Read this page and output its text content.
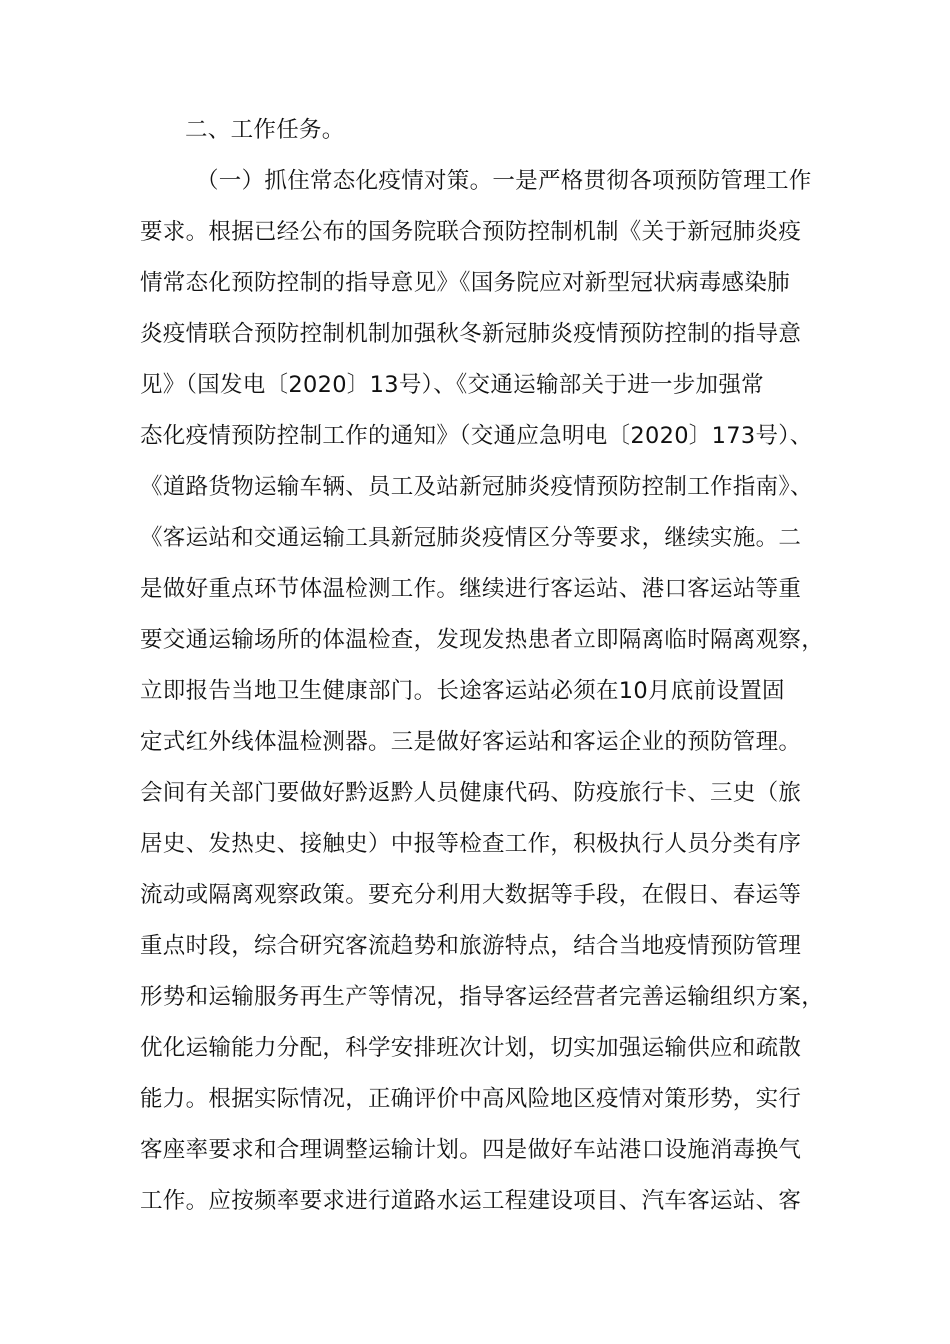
二、工作任务。
（一）抓住常态化疫情对策。一是严格贯彻各项预防管理工作
要求。根据已经公布的国务院联合预防控制机制《关于新冠肺炎疫
情常态化预防控制的指导意见》《国务院应对新型冠状病毒感染肺
炎疫情联合预防控制机制加强秋冬新冠肺炎疫情预防控制的指导意
见》（国发电〔2020〕13号）、《交通运输部关于进一步加强常
态化疫情预防控制工作的通知》（交通应急明电〔2020〕173号）、
《道路货物运输车辆、员工及站新冠肺炎疫情预防控制工作指南》、
《客运站和交通运输工具新冠肺炎疫情区分等要求，继续实施。二
是做好重点环节体温检测工作。继续进行客运站、港口客运站等重
要交通运输场所的体温检查，发现发热患者立即隔离临时隔离观察，
立即报告当地卫生健康部门。长途客运站必须在10月底前设置固
定式红外线体温检测器。三是做好客运站和客运企业的预防管理。
会间有关部门要做好黔返黔人员健康代码、防疫旅行卡、三史（旅
居史、发热史、接触史）中报等检查工作，积极执行人员分类有序
流动或隔离观察政策。要充分利用大数据等手段，在假日、春运等
重点时段，综合研究客流趋势和旅游特点，结合当地疫情预防管理
形势和运输服务再生产等情况，指导客运经营者完善运输组织方案，
优化运输能力分配，科学安排班次计划，切实加强运输供应和疏散
能力。根据实际情况，正确评价中高风险地区疫情对策形势，实行
客座率要求和合理调整运输计划。四是做好车站港口设施消毒换气
工作。应按频率要求进行道路水运工程建设项目、汽车客运站、客
